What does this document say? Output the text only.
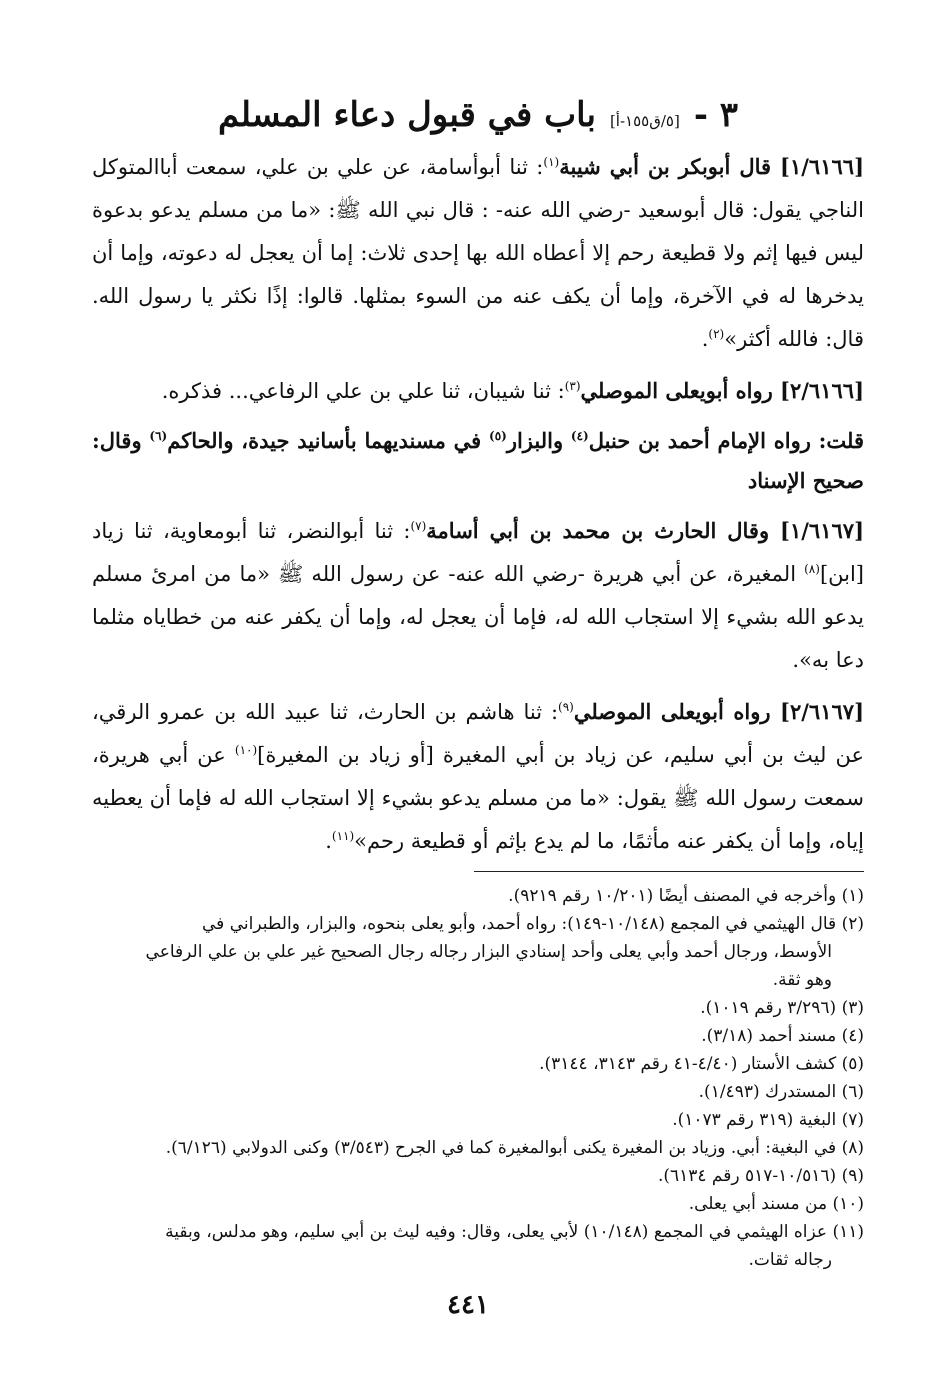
٣ -
[٥/ق١٥٥-أ]
باب في قبول دعاء المسلم

[١/٦١٦٦] قال أبوبكر بن أبي شيبة$^{(١)}$: ثنا أبوأسامة، عن علي بن علي، سمعت أباالمتوكل الناجي يقول: قال أبوسعيد -رضي الله عنه- : قال نبي الله ﷺ: «ما من مسلم يدعو بدعوة ليس فيها إثم ولا قطيعة رحم إلا أعطاه الله بها إحدى ثلاث: إما أن يعجل له دعوته، وإما أن يدخرها له في الآخرة، وإما أن يكف عنه من السوء بمثلها. قالوا: إذًا نكثر يا رسول الله. قال: فالله أكثر»$^{(٢)}$.

[٢/٦١٦٦] رواه أبويعلى الموصلي$^{(٣)}$: ثنا شيبان، ثنا علي بن علي الرفاعي... فذكره.

قلت: رواه الإمام أحمد بن حنبل$^{(٤)}$ والبزار$^{(٥)}$ في مسنديهما بأسانيد جيدة، والحاكم$^{(٦)}$ وقال: صحيح الإسناد

[١/٦١٦٧] وقال الحارث بن محمد بن أبي أسامة$^{(٧)}$: ثنا أبوالنضر، ثنا أبومعاوية، ثنا زياد [ابن]$^{(٨)}$ المغيرة، عن أبي هريرة -رضي الله عنه- عن رسول الله ﷺ «ما من امرئ مسلم يدعو الله بشيء إلا استجاب الله له، فإما أن يعجل له، وإما أن يكفر عنه من خطاياه مثلما دعا به».

[٢/٦١٦٧] رواه أبويعلى الموصلي$^{(٩)}$: ثنا هاشم بن الحارث، ثنا عبيد الله بن عمرو الرقي، عن ليث بن أبي سليم، عن زياد بن أبي المغيرة [أو زياد بن المغيرة]$^{(١٠)}$ عن أبي هريرة، سمعت رسول الله ﷺ يقول: «ما من مسلم يدعو بشيء إلا استجاب الله له فإما أن يعطيه إياه، وإما أن يكفر عنه مأثمًا، ما لم يدع بإثم أو قطيعة رحم»$^{(١١)}$.

(١) وأخرجه في المصنف أيضًا (١٠/٢٠١ رقم ٩٢١٩).

(٢) قال الهيثمي في المجمع (١٠/١٤٨-١٤٩): رواه أحمد، وأبو يعلى بنحوه، والبزار، والطبراني في

الأوسط، ورجال أحمد وأبي يعلى وأحد إسنادي البزار رجاله رجال الصحيح غير علي بن علي الرفاعي

وهو ثقة.

(٣) (٣/٢٩٦ رقم ١٠١٩).

(٤) مسند أحمد (٣/١٨).

(٥) كشف الأستار (٤/٤٠-٤١ رقم ٣١٤٣، ٣١٤٤).

(٦) المستدرك (١/٤٩٣).

(٧) البغية (٣١٩ رقم ١٠٧٣).

(٨) في البغية: أبي. وزياد بن المغيرة يكنى أبوالمغيرة كما في الجرح (٣/٥٤٣) وكنى الدولابي (٦/١٢٦).

(٩) (١٠/٥١٦-٥١٧ رقم ٦١٣٤).

(١٠) من مسند أبي يعلى.

(١١) عزاه الهيثمي في المجمع (١٠/١٤٨) لأبي يعلى، وقال: وفيه ليث بن أبي سليم، وهو مدلس، وبقية

رجاله ثقات.

٤٤١
